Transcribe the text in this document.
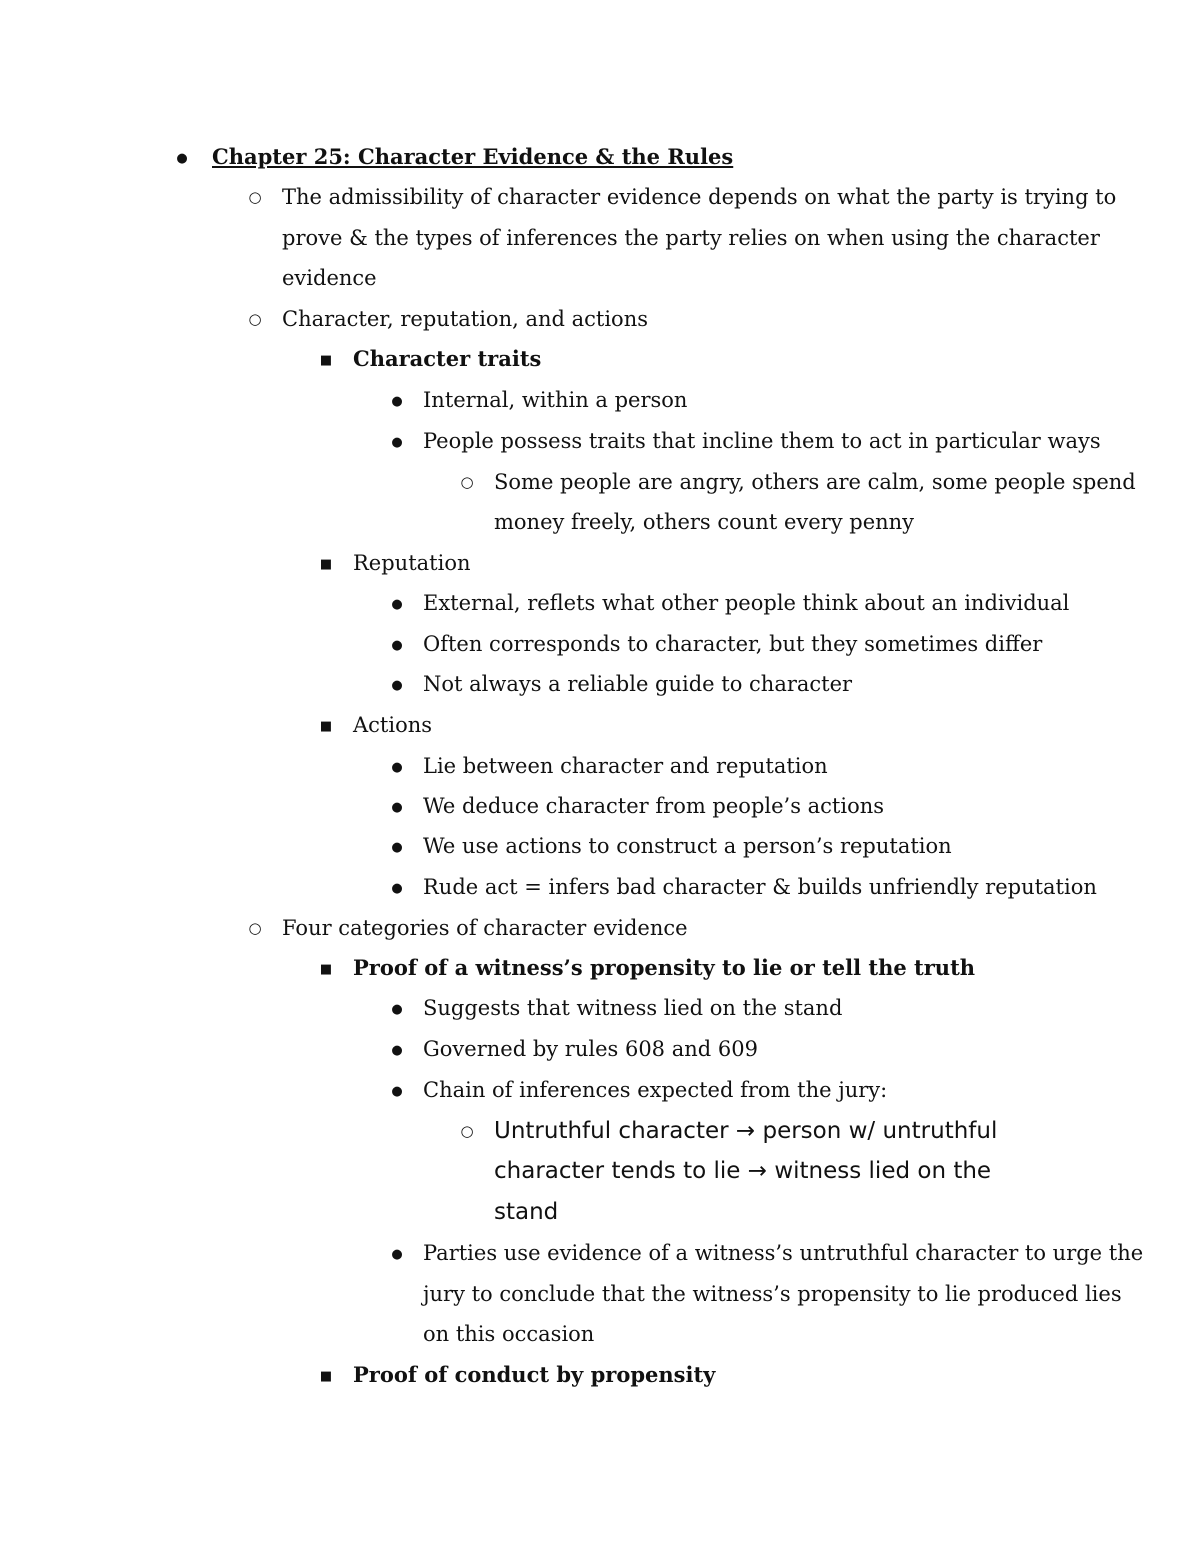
●
Chapter 25: Character Evidence & the Rules
○
The admissibility of character evidence depends on what the party is trying to
prove & the types of inferences the party relies on when using the character
evidence
○
Character, reputation, and actions
■
Character traits
●
Internal, within a person
●
People possess traits that incline them to act in particular ways
○
Some people are angry, others are calm, some people spend
money freely, others count every penny
■
Reputation
●
External, reflets what other people think about an individual
●
Often corresponds to character, but they sometimes differ
●
Not always a reliable guide to character
■
Actions
●
Lie between character and reputation
●
We deduce character from people’s actions
●
We use actions to construct a person’s reputation
●
Rude act = infers bad character & builds unfriendly reputation
○
Four categories of character evidence
■
Proof of a witness’s propensity to lie or tell the truth
●
Suggests that witness lied on the stand
●
Governed by rules 608 and 609
●
Chain of inferences expected from the jury:
○
Untruthful character → person w/ untruthful
character tends to lie → witness lied on the
stand
●
Parties use evidence of a witness’s untruthful character to urge the
jury to conclude that the witness’s propensity to lie produced lies
on this occasion
■
Proof of conduct by propensity
